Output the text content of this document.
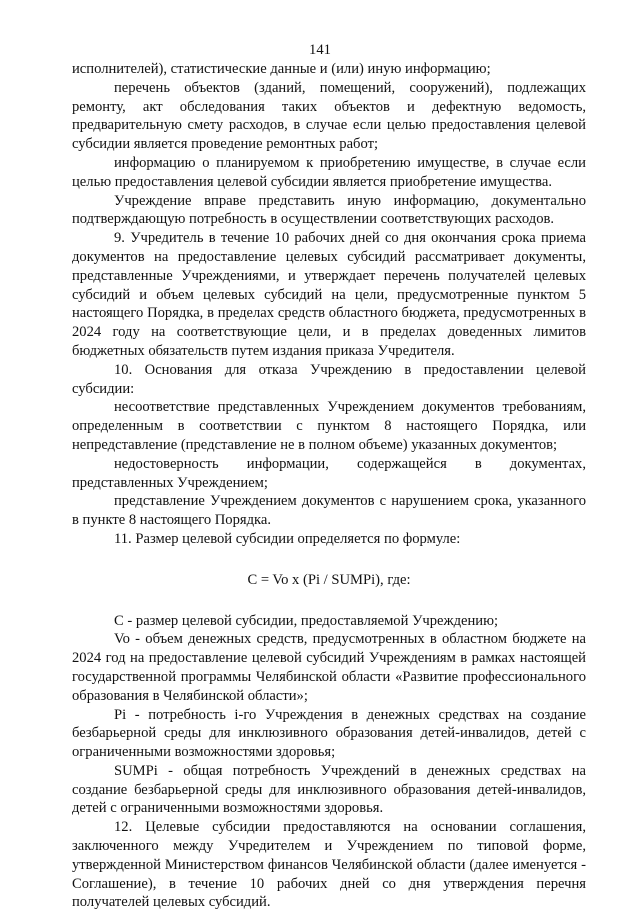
141

исполнителей), статистические данные и (или) иную информацию;

перечень объектов (зданий, помещений, сооружений), подлежащих ремонту, акт обследования таких объектов и дефектную ведомость, предварительную смету расходов, в случае если целью предоставления целевой субсидии является проведение ремонтных работ;

информацию о планируемом к приобретению имуществе, в случае если целью предоставления целевой субсидии является приобретение имущества.

Учреждение вправе представить иную информацию, документально подтверждающую потребность в осуществлении соответствующих расходов.

9. Учредитель в течение 10 рабочих дней со дня окончания срока приема документов на предоставление целевых субсидий рассматривает документы, представленные Учреждениями, и утверждает перечень получателей целевых субсидий и объем целевых субсидий на цели, предусмотренные пунктом 5 настоящего Порядка, в пределах средств областного бюджета, предусмотренных в 2024 году на соответствующие цели, и в пределах доведенных лимитов бюджетных обязательств путем издания приказа Учредителя.

10. Основания для отказа Учреждению в предоставлении целевой субсидии:

несоответствие представленных Учреждением документов требованиям, определенным в соответствии с пунктом 8 настоящего Порядка, или непредставление (представление не в полном объеме) указанных документов;

недостоверность информации, содержащейся в документах, представленных Учреждением;

представление Учреждением документов с нарушением срока, указанного в пункте 8 настоящего Порядка.

11. Размер целевой субсидии определяется по формуле:

C = Vo x (Pi / SUMPi), где:

C - размер целевой субсидии, предоставляемой Учреждению;

Vo - объем денежных средств, предусмотренных в областном бюджете на 2024 год на предоставление целевой субсидий Учреждениям в рамках настоящей государственной программы Челябинской области «Развитие профессионального образования в Челябинской области»;

Pi - потребность i-го Учреждения в денежных средствах на создание безбарьерной среды для инклюзивного образования детей-инвалидов, детей с ограниченными возможностями здоровья;

SUMPi - общая потребность Учреждений в денежных средствах на создание безбарьерной среды для инклюзивного образования детей-инвалидов, детей с ограниченными возможностями здоровья.

12. Целевые субсидии предоставляются на основании соглашения, заключенного между Учредителем и Учреждением по типовой форме, утвержденной Министерством финансов Челябинской области (далее именуется - Соглашение), в течение 10 рабочих дней со дня утверждения перечня получателей целевых субсидий.
